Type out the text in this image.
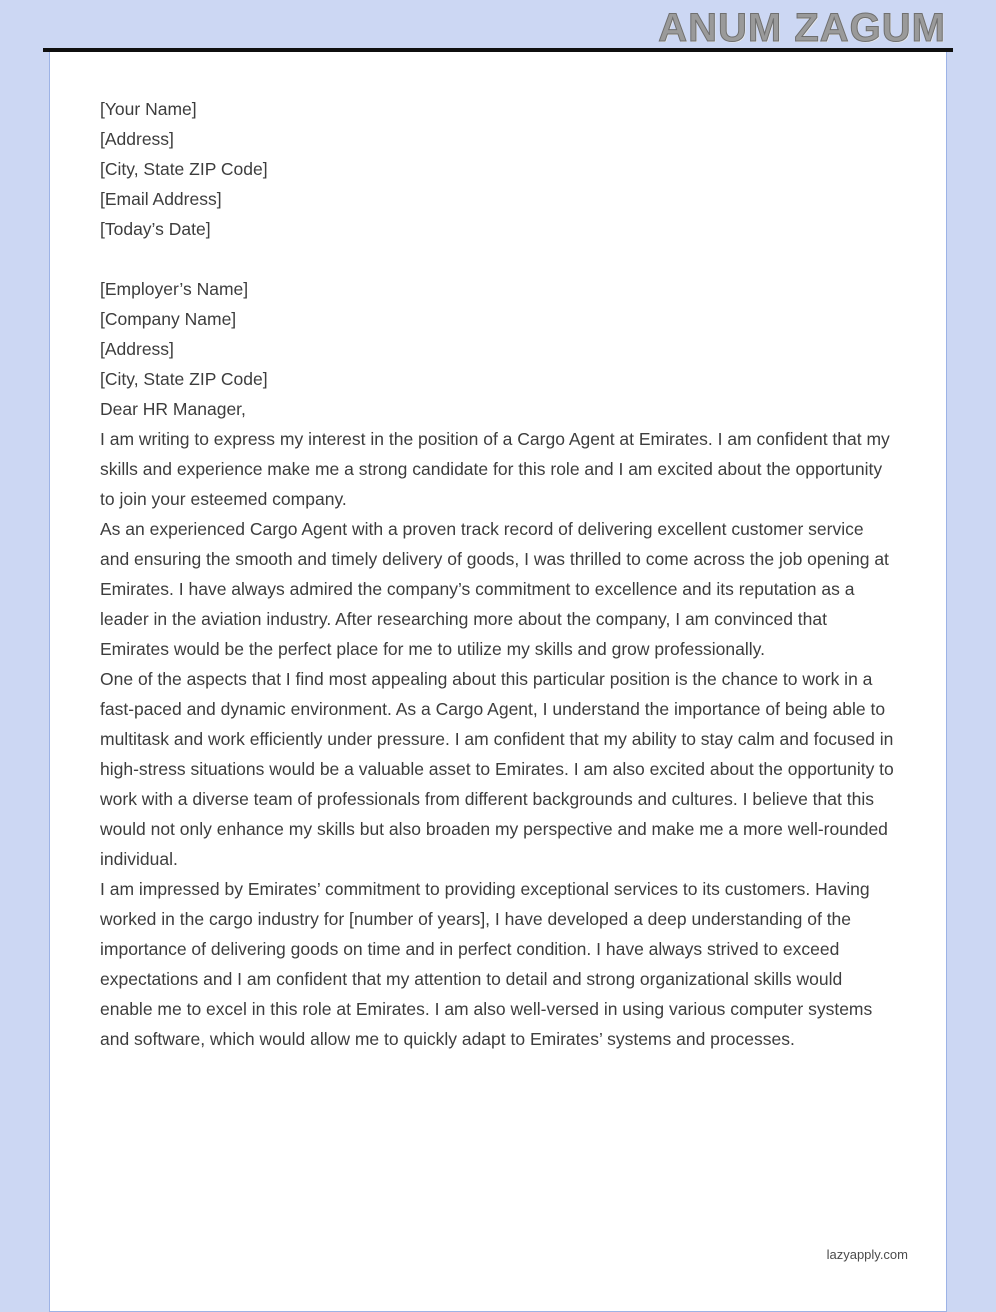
ANUM ZAGUM

[Your Name]

[Address]

[City, State ZIP Code]

[Email Address]

[Today’s Date]

[Employer’s Name]

[Company Name]

[Address]

[City, State ZIP Code]

Dear HR Manager,

I am writing to express my interest in the position of a Cargo Agent at Emirates. I am confident that my skills and experience make me a strong candidate for this role and I am excited about the opportunity to join your esteemed company.

As an experienced Cargo Agent with a proven track record of delivering excellent customer service and ensuring the smooth and timely delivery of goods, I was thrilled to come across the job opening at Emirates. I have always admired the company’s commitment to excellence and its reputation as a leader in the aviation industry. After researching more about the company, I am convinced that Emirates would be the perfect place for me to utilize my skills and grow professionally.

One of the aspects that I find most appealing about this particular position is the chance to work in a fast-paced and dynamic environment. As a Cargo Agent, I understand the importance of being able to multitask and work efficiently under pressure. I am confident that my ability to stay calm and focused in high-stress situations would be a valuable asset to Emirates. I am also excited about the opportunity to work with a diverse team of professionals from different backgrounds and cultures. I believe that this would not only enhance my skills but also broaden my perspective and make me a more well-rounded individual.

I am impressed by Emirates’ commitment to providing exceptional services to its customers. Having worked in the cargo industry for [number of years], I have developed a deep understanding of the importance of delivering goods on time and in perfect condition. I have always strived to exceed expectations and I am confident that my attention to detail and strong organizational skills would enable me to excel in this role at Emirates. I am also well-versed in using various computer systems and software, which would allow me to quickly adapt to Emirates’ systems and processes.

lazyapply.com
